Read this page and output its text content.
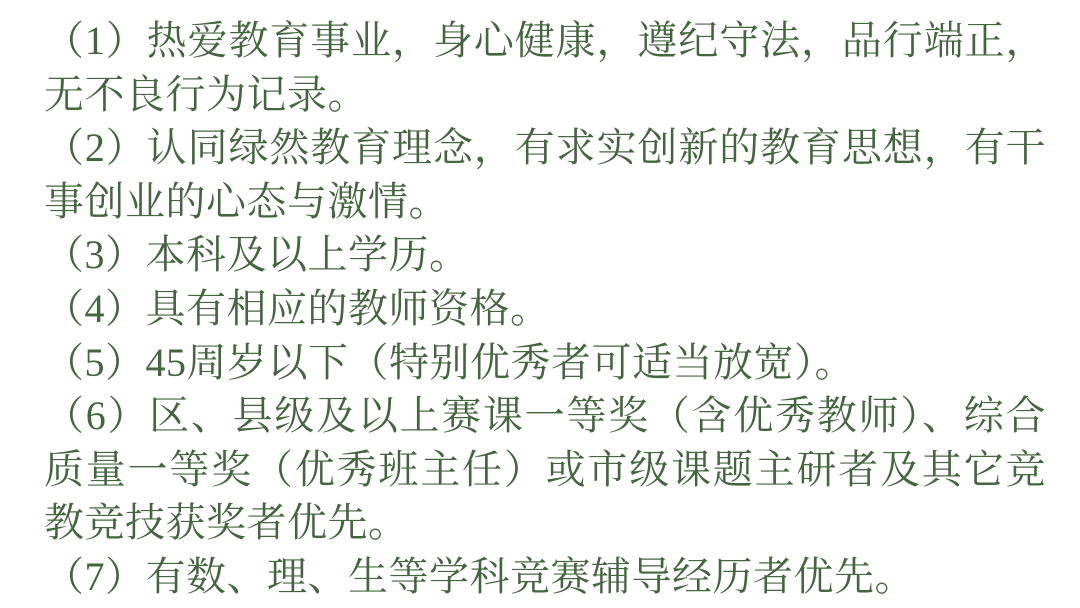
（1）热爱教育事业，身心健康，遵纪守法，品行端正，无不良行为记录。

（2）认同绿然教育理念，有求实创新的教育思想，有干事创业的心态与激情。

（3）本科及以上学历。

（4）具有相应的教师资格。

（5）45周岁以下（特别优秀者可适当放宽）。

（6）区、县级及以上赛课一等奖（含优秀教师）、综合质量一等奖（优秀班主任）或市级课题主研者及其它竞教竞技获奖者优先。

（7）有数、理、生等学科竞赛辅导经历者优先。
